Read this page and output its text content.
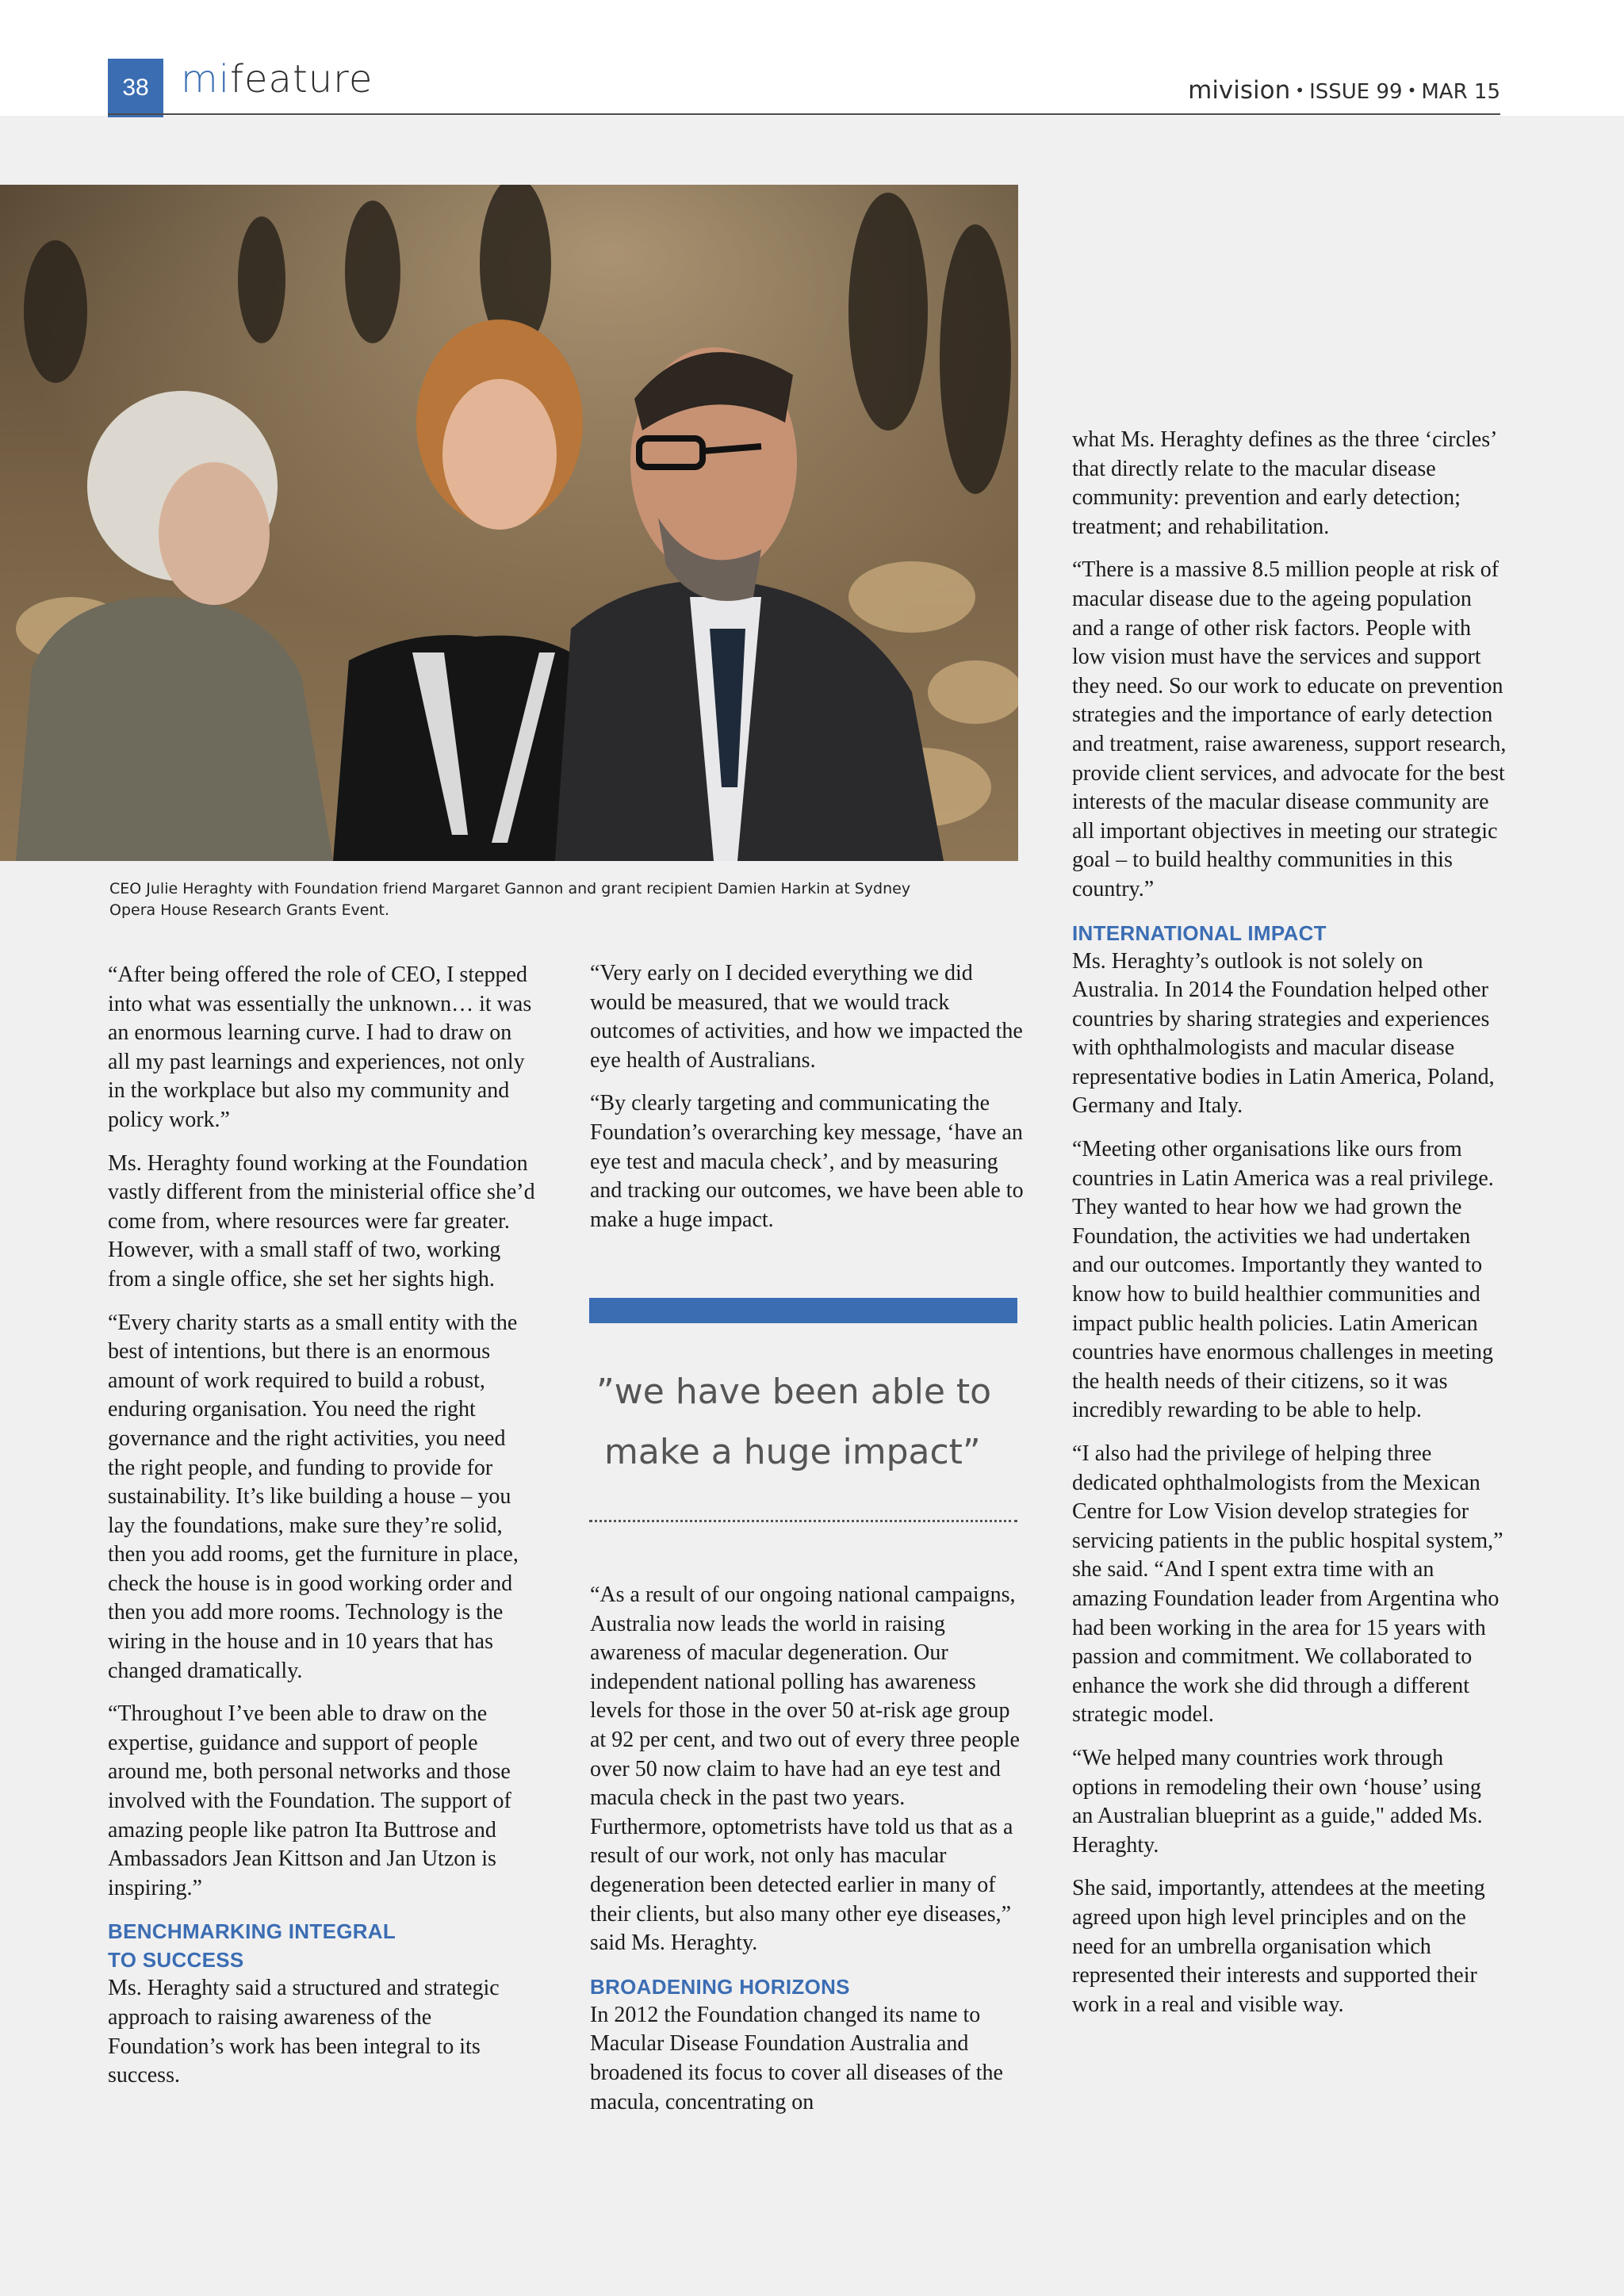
38 mifeature	mivision • ISSUE 99 • MAR 15
CEO Julie Heraghty with Foundation friend Margaret Gannon and grant recipient Damien Harkin at Sydney Opera House Research Grants Event.

“After being offered the role of CEO, I stepped into what was essentially the unknown… it was an enormous learning curve. I had to draw on all my past learnings and experiences, not only in the workplace but also my community and policy work.”

Ms. Heraghty found working at the Foundation vastly different from the ministerial office she’d come from, where resources were far greater. However, with a small staff of two, working from a single office, she set her sights high.

“Every charity starts as a small entity with the best of intentions, but there is an enormous amount of work required to build a robust, enduring organisation. You need the right governance and the right activities, you need the right people, and funding to provide for sustainability. It’s like building a house – you lay the foundations, make sure they’re solid, then you add rooms, get the furniture in place, check the house is in good working order and then you add more rooms. Technology is the wiring in the house and in 10 years that has changed dramatically.

“Throughout I’ve been able to draw on the expertise, guidance and support of people around me, both personal networks and those involved with the Foundation. The support of amazing people like patron Ita Buttrose and Ambassadors Jean Kittson and Jan Utzon is inspiring.”

BENCHMARKING INTEGRAL
TO SUCCESS

Ms. Heraghty said a structured and strategic approach to raising awareness of the Foundation’s work has been integral to its success.

“Very early on I decided everything we did would be measured, that we would track outcomes of activities, and how we impacted the eye health of Australians.

“By clearly targeting and communicating the Foundation’s overarching key message, ‘have an eye test and macula check’, and by measuring and tracking our outcomes, we have been able to make a huge impact.

”we have been able to
make a huge impact”

“As a result of our ongoing national campaigns, Australia now leads the world in raising awareness of macular degeneration. Our independent national polling has awareness levels for those in the over 50 at-risk age group at 92 per cent, and two out of every three people over 50 now claim to have had an eye test and macula check in the past two years. Furthermore, optometrists have told us that as a result of our work, not only has macular degeneration been detected earlier in many of their clients, but also many other eye diseases,” said Ms. Heraghty.

BROADENING HORIZONS

In 2012 the Foundation changed its name to Macular Disease Foundation Australia and broadened its focus to cover all diseases of the macula, concentrating on

what Ms. Heraghty defines as the three ‘circles’ that directly relate to the macular disease community: prevention and early detection; treatment; and rehabilitation.

“There is a massive 8.5 million people at risk of macular disease due to the ageing population and a range of other risk factors. People with low vision must have the services and support they need. So our work to educate on prevention strategies and the importance of early detection and treatment, raise awareness, support research, provide client services, and advocate for the best interests of the macular disease community are all important objectives in meeting our strategic goal – to build healthy communities in this country.”

INTERNATIONAL IMPACT

Ms. Heraghty’s outlook is not solely on Australia. In 2014 the Foundation helped other countries by sharing strategies and experiences with ophthalmologists and macular disease representative bodies in Latin America, Poland, Germany and Italy.

“Meeting other organisations like ours from countries in Latin America was a real privilege. They wanted to hear how we had grown the Foundation, the activities we had undertaken and our outcomes. Importantly they wanted to know how to build healthier communities and impact public health policies. Latin American countries have enormous challenges in meeting the health needs of their citizens, so it was incredibly rewarding to be able to help.

“I also had the privilege of helping three dedicated ophthalmologists from the Mexican Centre for Low Vision develop strategies for servicing patients in the public hospital system,” she said. “And I spent extra time with an amazing Foundation leader from Argentina who had been working in the area for 15 years with passion and commitment. We collaborated to enhance the work she did through a different strategic model.

“We helped many countries work through options in remodeling their own ‘house’ using an Australian blueprint as a guide," added Ms. Heraghty.

She said, importantly, attendees at the meeting agreed upon high level principles and on the need for an umbrella organisation which represented their interests and supported their work in a real and visible way.
